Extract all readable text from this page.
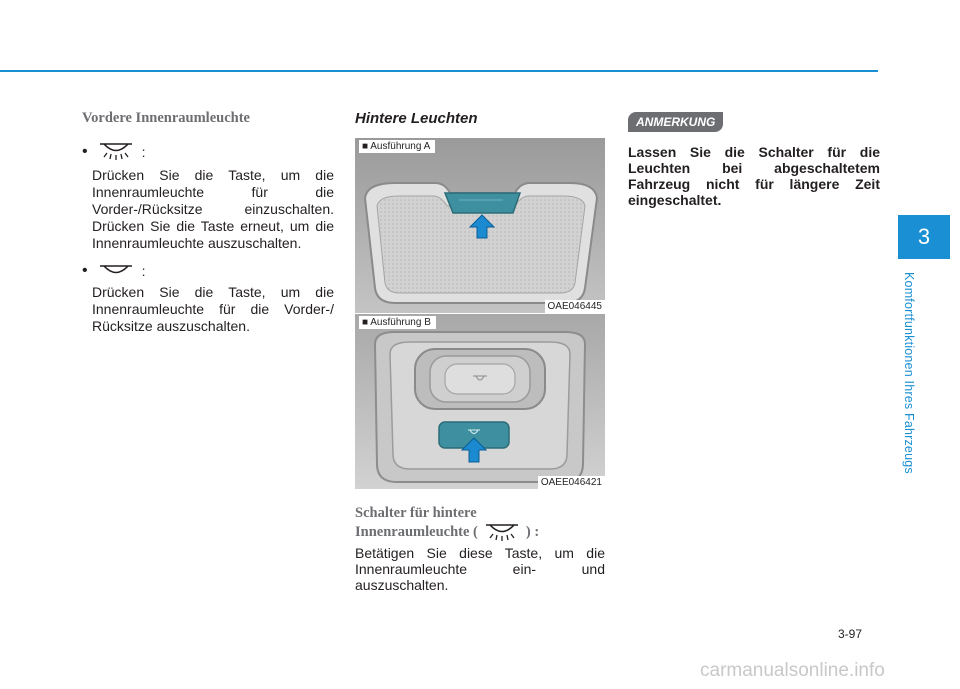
3
Komfortfunktionen Ihres Fahrzeugs
Vordere Innenraumleuchte
•	:
Drücken Sie die Taste, um die Innenraumleuchte für die Vorder-/Rücksitze einzuschalten. Drücken Sie die Taste erneut, um die Innenraumleuchte auszuschalten.
•	:
Drücken Sie die Taste, um die Innenraumleuchte für die Vorder-/ Rücksitze auszuschalten.
Hintere Leuchten
■ Ausführung A
OAE046445
■ Ausführung B
OAEE046421
Schalter für hintere
Innenraumleuchte (	) :
Betätigen Sie diese Taste, um die Innenraumleuchte ein- und auszuschalten.
ANMERKUNG
Lassen Sie die Schalter für die Leuchten bei abgeschaltetem Fahrzeug nicht für längere Zeit eingeschaltet.
3-97
carmanualsonline.info
